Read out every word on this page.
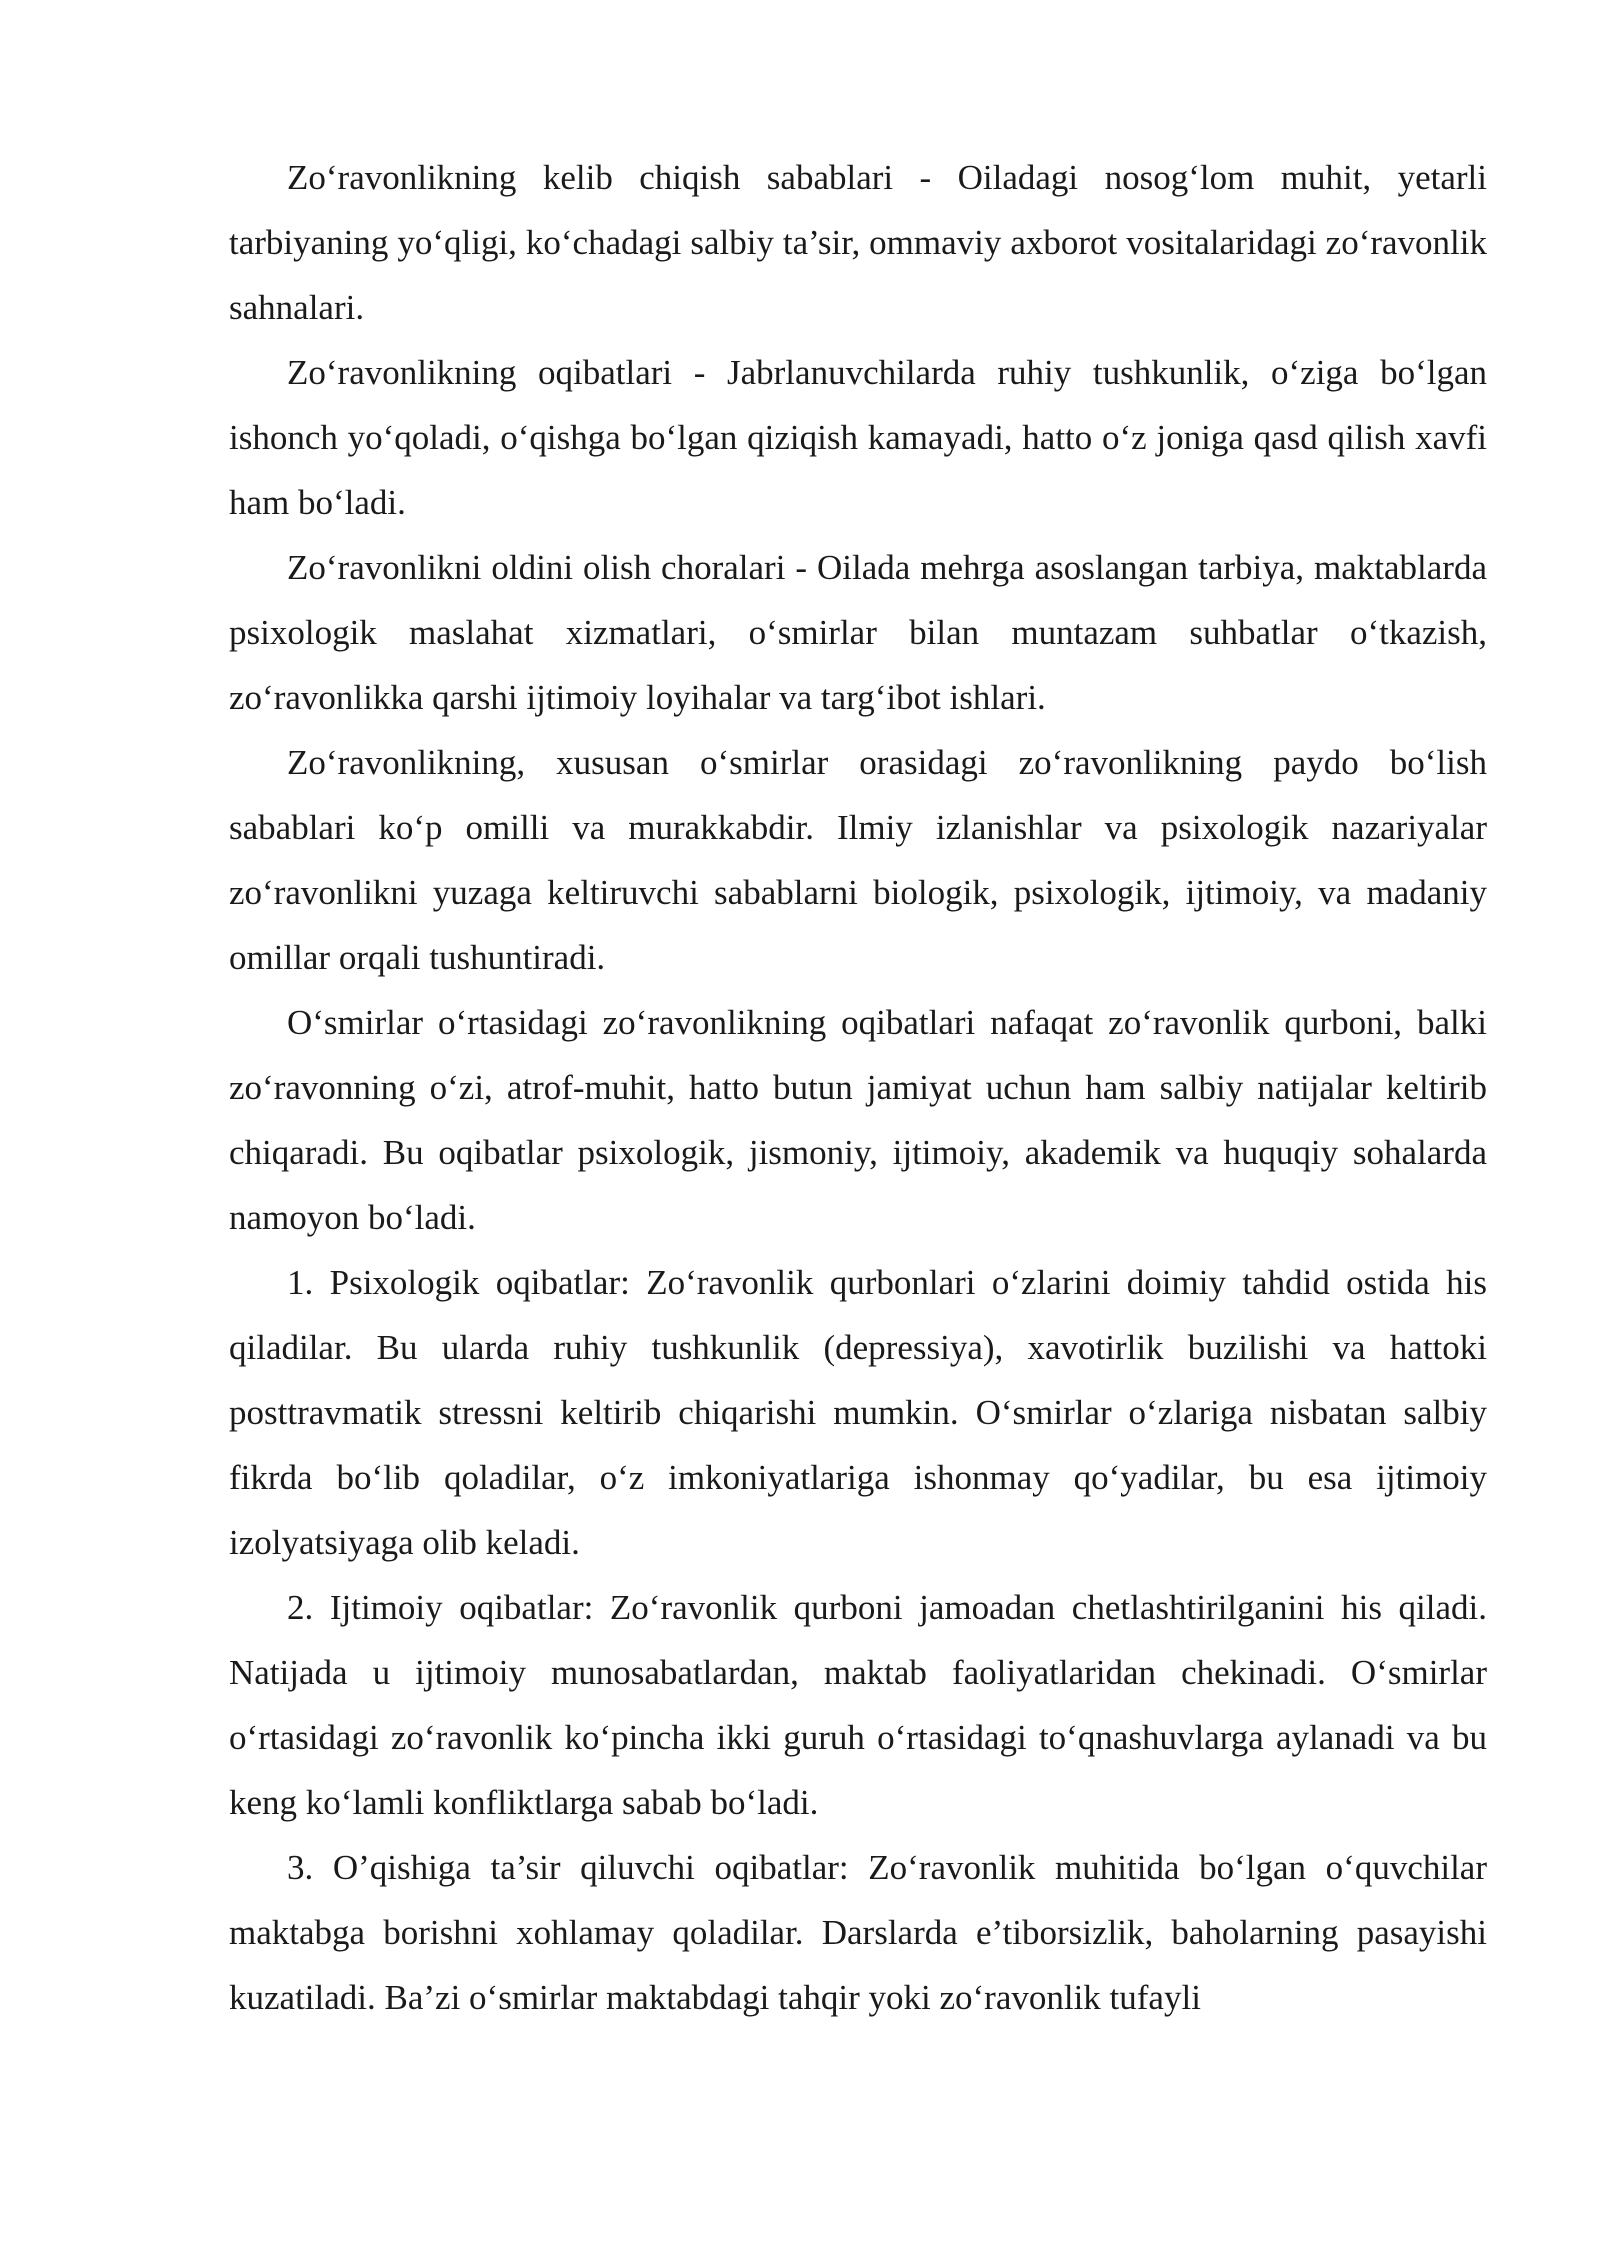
Zo‘ravonlikning kelib chiqish sabablari - Oiladagi nosog‘lom muhit, yetarli tarbiyaning yo‘qligi, ko‘chadagi salbiy ta’sir, ommaviy axborot vositalaridagi zo‘ravonlik sahnalari.

Zo‘ravonlikning oqibatlari - Jabrlanuvchilarda ruhiy tushkunlik, o‘ziga bo‘lgan ishonch yo‘qoladi, o‘qishga bo‘lgan qiziqish kamayadi, hatto o‘z joniga qasd qilish xavfi ham bo‘ladi.

Zo‘ravonlikni oldini olish choralari - Oilada mehrga asoslangan tarbiya, maktablarda psixologik maslahat xizmatlari, o‘smirlar bilan muntazam suhbatlar o‘tkazish, zo‘ravonlikka qarshi ijtimoiy loyihalar va targ‘ibot ishlari.

Zo‘ravonlikning, xususan o‘smirlar orasidagi zo‘ravonlikning paydo bo‘lish sabablari ko‘p omilli va murakkabdir. Ilmiy izlanishlar va psixologik nazariyalar zo‘ravonlikni yuzaga keltiruvchi sabablarni biologik, psixologik, ijtimoiy, va madaniy omillar orqali tushuntiradi.

O‘smirlar o‘rtasidagi zo‘ravonlikning oqibatlari nafaqat zo‘ravonlik qurboni, balki zo‘ravonning o‘zi, atrof-muhit, hatto butun jamiyat uchun ham salbiy natijalar keltirib chiqaradi. Bu oqibatlar psixologik, jismoniy, ijtimoiy, akademik va huquqiy sohalarda namoyon bo‘ladi.

1. Psixologik oqibatlar: Zo‘ravonlik qurbonlari o‘zlarini doimiy tahdid ostida his qiladilar. Bu ularda ruhiy tushkunlik (depressiya), xavotirlik buzilishi va hattoki posttravmatik stressni keltirib chiqarishi mumkin. O‘smirlar o‘zlariga nisbatan salbiy fikrda bo‘lib qoladilar, o‘z imkoniyatlariga ishonmay qo‘yadilar, bu esa ijtimoiy izolyatsiyaga olib keladi.

2. Ijtimoiy oqibatlar: Zo‘ravonlik qurboni jamoadan chetlashtirilganini his qiladi. Natijada u ijtimoiy munosabatlardan, maktab faoliyatlaridan chekinadi. O‘smirlar o‘rtasidagi zo‘ravonlik ko‘pincha ikki guruh o‘rtasidagi to‘qnashuvlarga aylanadi va bu keng ko‘lamli konfliktlarga sabab bo‘ladi.

3. O’qishiga ta’sir qiluvchi oqibatlar: Zo‘ravonlik muhitida bo‘lgan o‘quvchilar maktabga borishni xohlamay qoladilar. Darslarda e’tiborsizlik, baholarning pasayishi kuzatiladi. Ba’zi o‘smirlar maktabdagi tahqir yoki zo‘ravonlik tufayli
